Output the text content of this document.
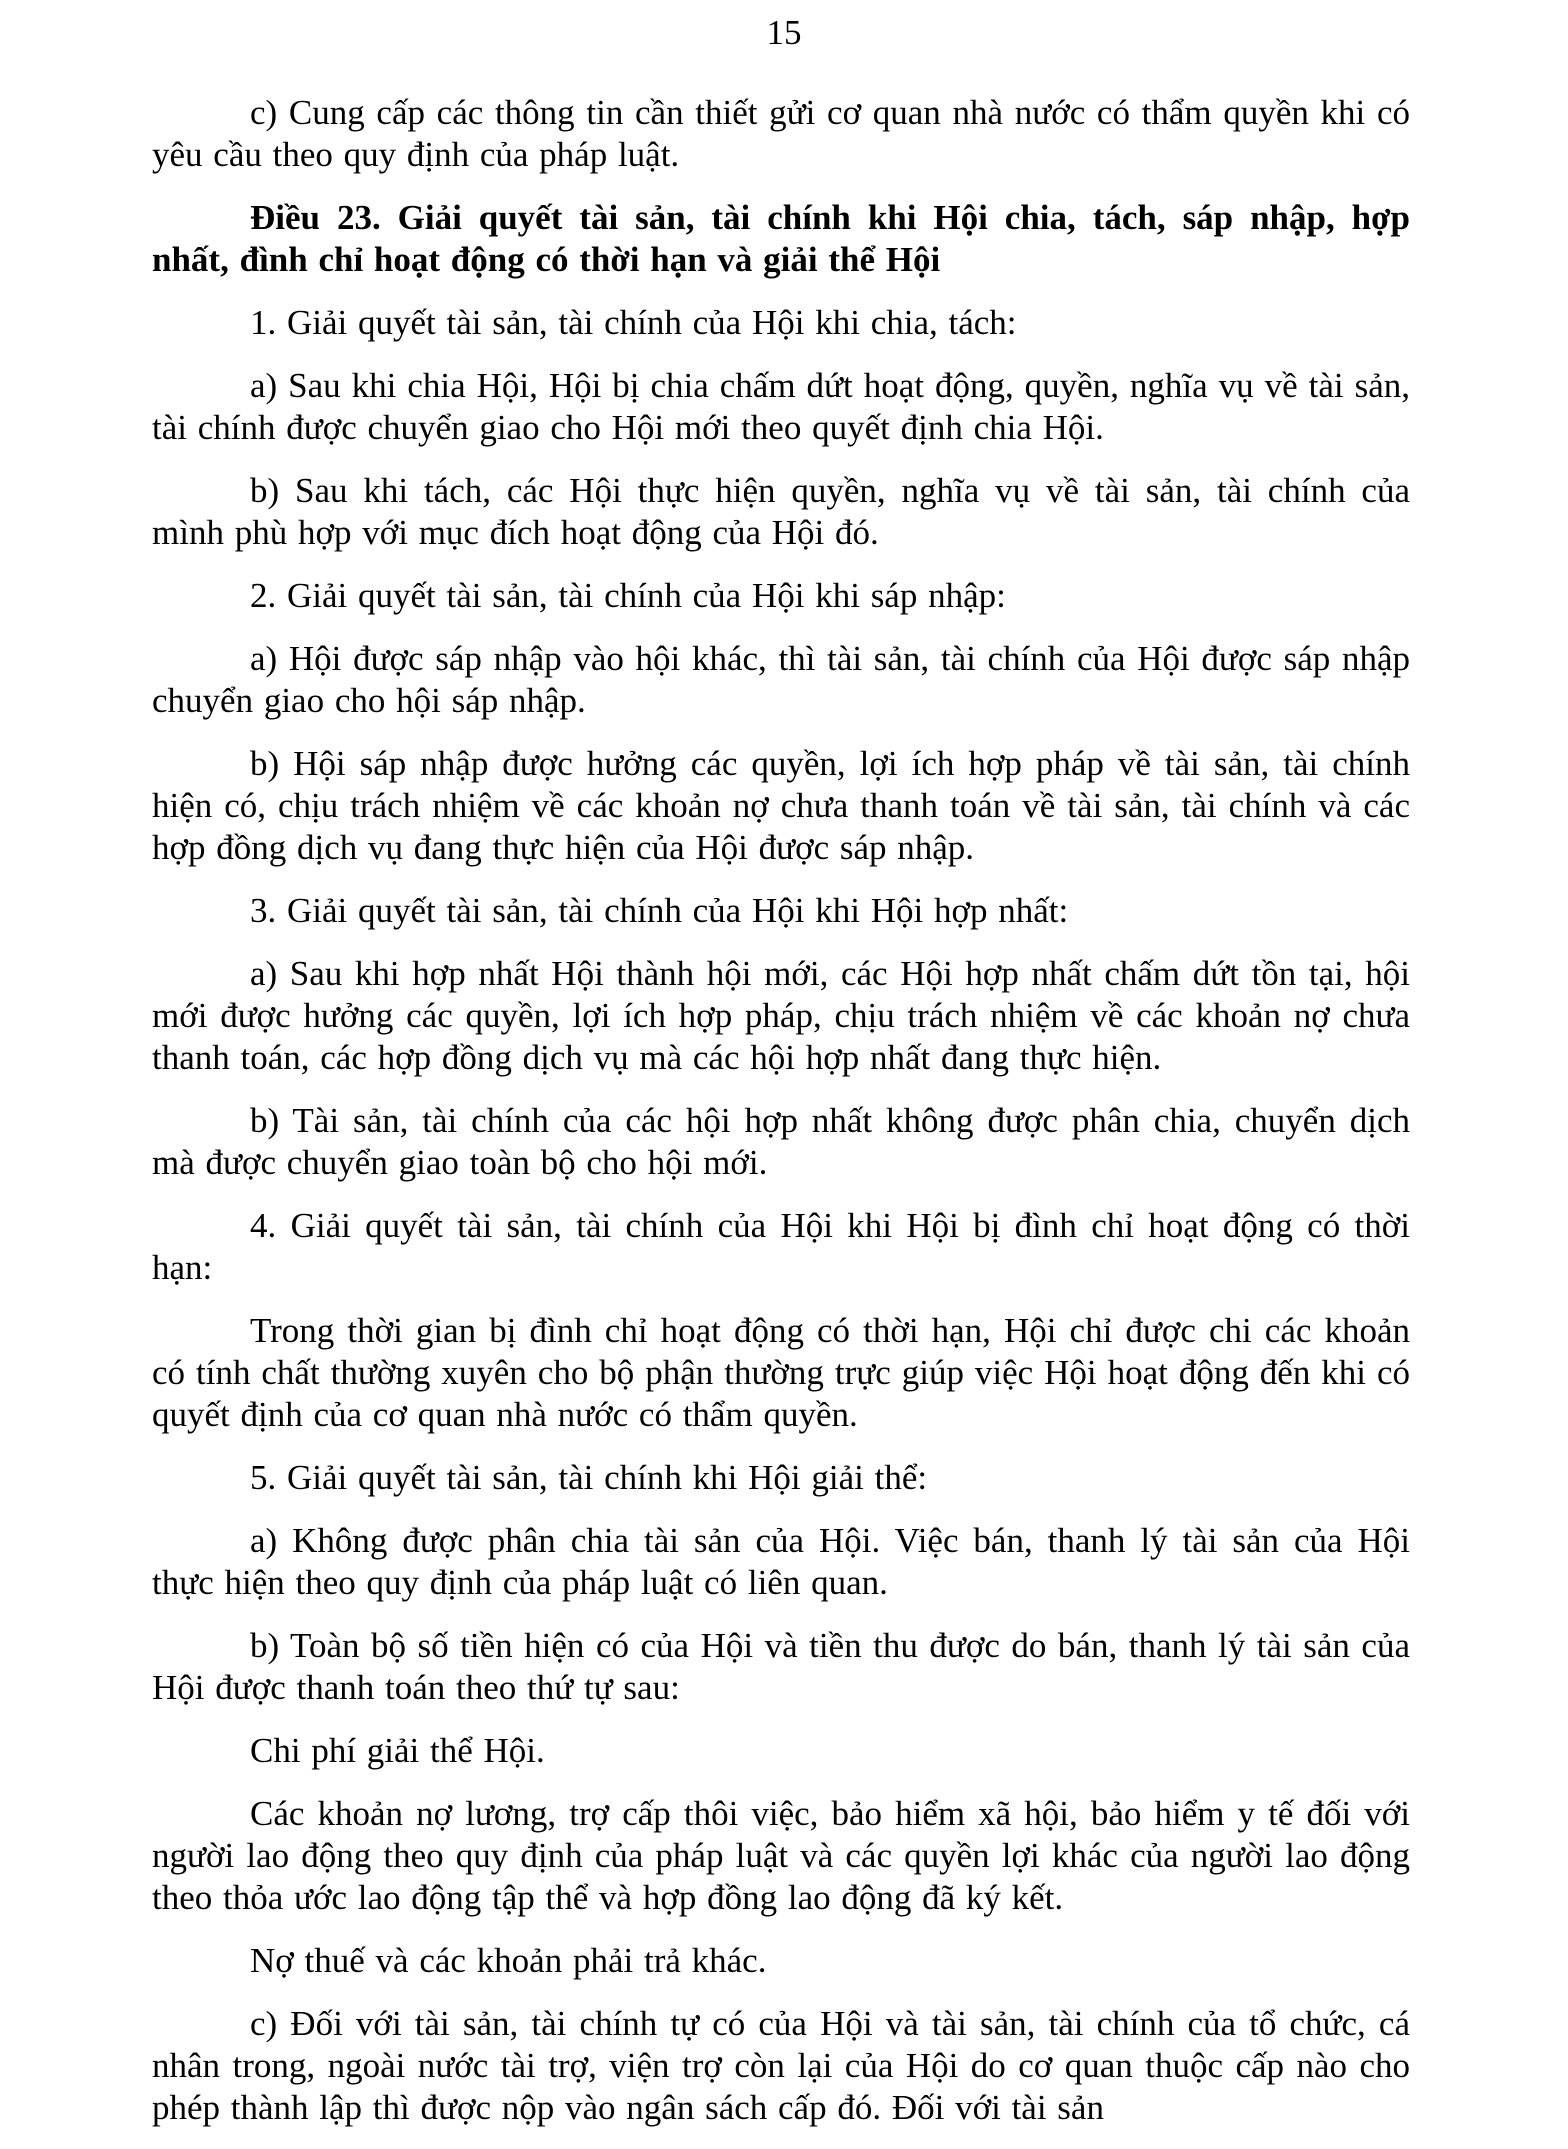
15

c) Cung cấp các thông tin cần thiết gửi cơ quan nhà nước có thẩm quyền khi có yêu cầu theo quy định của pháp luật.

Điều 23. Giải quyết tài sản, tài chính khi Hội chia, tách, sáp nhập, hợp nhất, đình chỉ hoạt động có thời hạn và giải thể Hội

1. Giải quyết tài sản, tài chính của Hội khi chia, tách:

a) Sau khi chia Hội, Hội bị chia chấm dứt hoạt động, quyền, nghĩa vụ về tài sản, tài chính được chuyển giao cho Hội mới theo quyết định chia Hội.

b) Sau khi tách, các Hội thực hiện quyền, nghĩa vụ về tài sản, tài chính của mình phù hợp với mục đích hoạt động của Hội đó.

2. Giải quyết tài sản, tài chính của Hội khi sáp nhập:

a) Hội được sáp nhập vào hội khác, thì tài sản, tài chính của Hội được sáp nhập chuyển giao cho hội sáp nhập.

b) Hội sáp nhập được hưởng các quyền, lợi ích hợp pháp về tài sản, tài chính hiện có, chịu trách nhiệm về các khoản nợ chưa thanh toán về tài sản, tài chính và các hợp đồng dịch vụ đang thực hiện của Hội được sáp nhập.

3. Giải quyết tài sản, tài chính của Hội khi Hội hợp nhất:

a) Sau khi hợp nhất Hội thành hội mới, các Hội hợp nhất chấm dứt tồn tại, hội mới được hưởng các quyền, lợi ích hợp pháp, chịu trách nhiệm về các khoản nợ chưa thanh toán, các hợp đồng dịch vụ mà các hội hợp nhất đang thực hiện.

b) Tài sản, tài chính của các hội hợp nhất không được phân chia, chuyển dịch mà được chuyển giao toàn bộ cho hội mới.

4. Giải quyết tài sản, tài chính của Hội khi Hội bị đình chỉ hoạt động có thời hạn:

Trong thời gian bị đình chỉ hoạt động có thời hạn, Hội chỉ được chi các khoản có tính chất thường xuyên cho bộ phận thường trực giúp việc Hội hoạt động đến khi có quyết định của cơ quan nhà nước có thẩm quyền.

5. Giải quyết tài sản, tài chính khi Hội giải thể:

a) Không được phân chia tài sản của Hội. Việc bán, thanh lý tài sản của Hội thực hiện theo quy định của pháp luật có liên quan.

b) Toàn bộ số tiền hiện có của Hội và tiền thu được do bán, thanh lý tài sản của Hội được thanh toán theo thứ tự sau:

Chi phí giải thể Hội.

Các khoản nợ lương, trợ cấp thôi việc, bảo hiểm xã hội, bảo hiểm y tế đối với người lao động theo quy định của pháp luật và các quyền lợi khác của người lao động theo thỏa ước lao động tập thể và hợp đồng lao động đã ký kết.

Nợ thuế và các khoản phải trả khác.

c) Đối với tài sản, tài chính tự có của Hội và tài sản, tài chính của tổ chức, cá nhân trong, ngoài nước tài trợ, viện trợ còn lại của Hội do cơ quan thuộc cấp nào cho phép thành lập thì được nộp vào ngân sách cấp đó. Đối với tài sản
